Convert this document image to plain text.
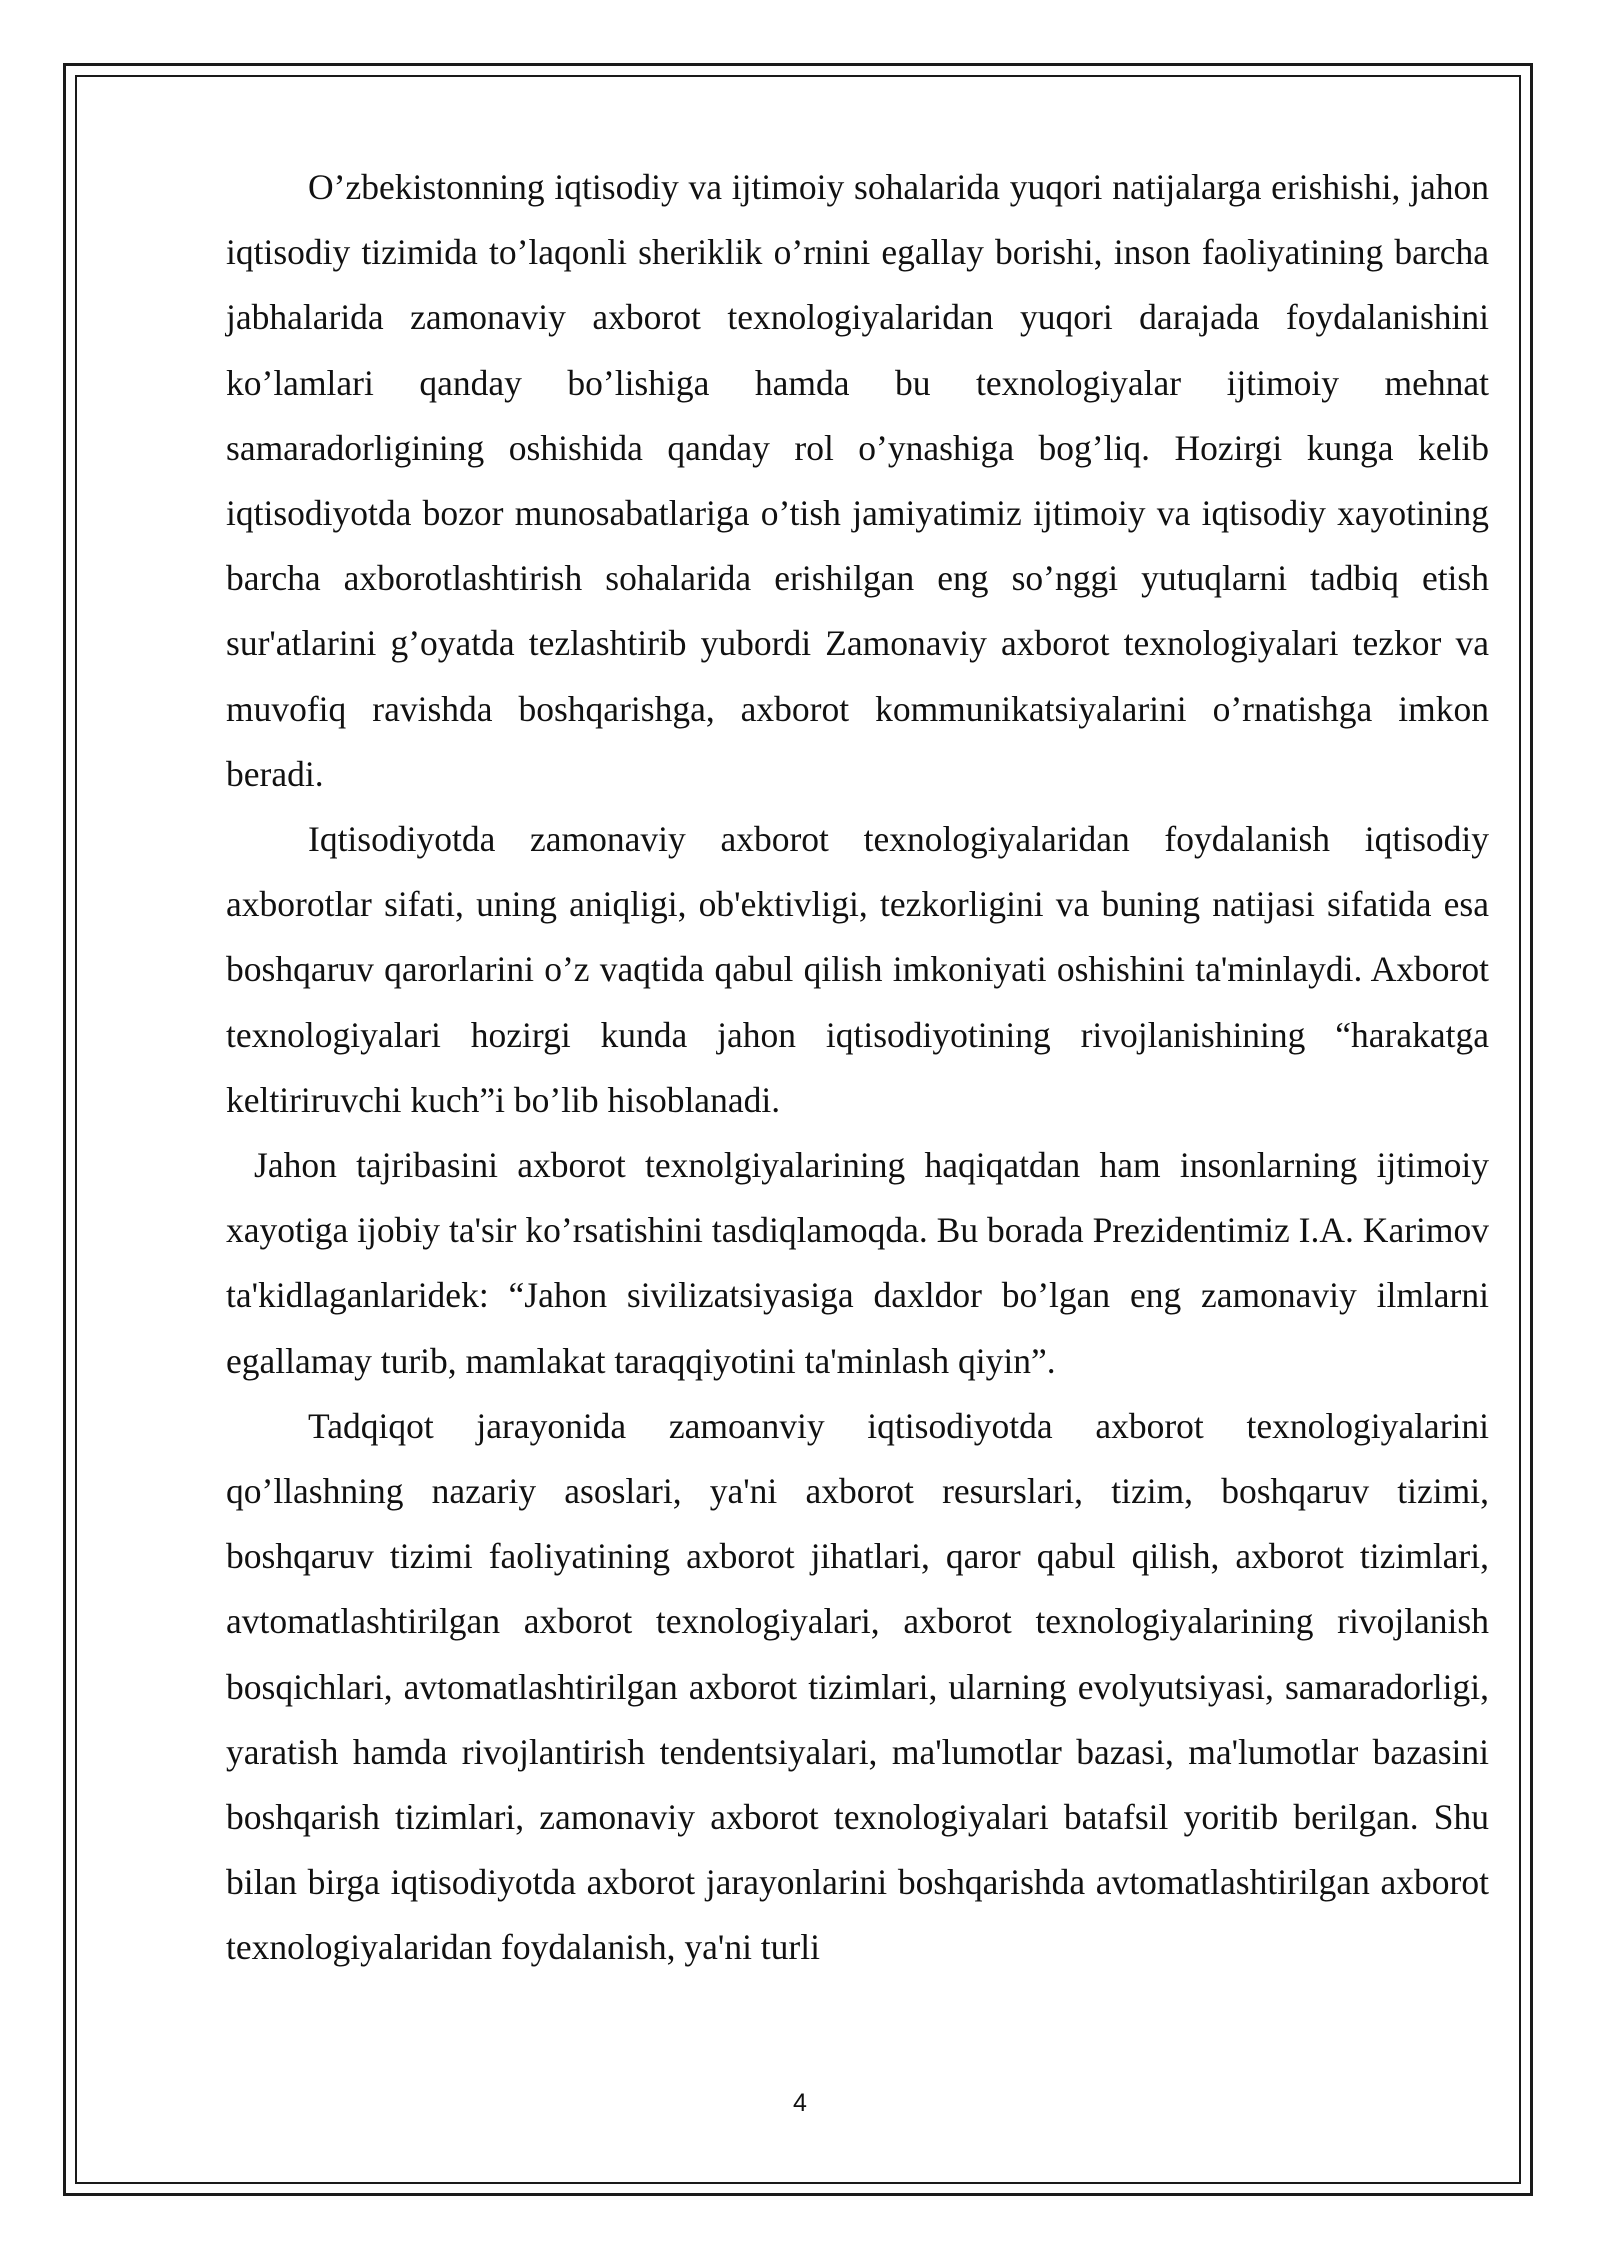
O’zbekistonning iqtisodiy va ijtimoiy sohalarida yuqori natijalarga erishishi, jahon iqtisodiy tizimida to’laqonli sheriklik o’rnini egallay borishi, inson faoliyatining barcha jabhalarida zamonaviy axborot texnologiyalaridan yuqori darajada foydalanishini ko’lamlari qanday bo’lishiga hamda bu texnologiyalar ijtimoiy mehnat samaradorligining oshishida qanday rol o’ynashiga bog’liq. Hozirgi kunga kelib iqtisodiyotda bozor munosabatlariga o’tish jamiyatimiz ijtimoiy va iqtisodiy xayotining barcha axborotlashtirish sohalarida erishilgan eng so’nggi yutuqlarni tadbiq etish sur'atlarini g’oyatda tezlashtirib yubordi Zamonaviy axborot texnologiyalari tezkor va muvofiq ravishda boshqarishga, axborot kommunikatsiyalarini o’rnatishga imkon beradi.

Iqtisodiyotda zamonaviy axborot texnologiyalaridan foydalanish iqtisodiy axborotlar sifati, uning aniqligi, ob'ektivligi, tezkorligini va buning natijasi sifatida esa boshqaruv qarorlarini o’z vaqtida qabul qilish imkoniyati oshishini ta'minlaydi. Axborot texnologiyalari hozirgi kunda jahon iqtisodiyotining rivojlanishining “harakatga keltiriruvchi kuch”i bo’lib hisoblanadi.

Jahon tajribasini axborot texnolgiyalarining haqiqatdan ham insonlarning ijtimoiy xayotiga ijobiy ta'sir ko’rsatishini tasdiqlamoqda. Bu borada Prezidentimiz I.A. Karimov ta'kidlaganlaridek: “Jahon sivilizatsiyasiga daxldor bo’lgan eng zamonaviy ilmlarni egallamay turib, mamlakat taraqqiyotini ta'minlash qiyin”.

Tadqiqot jarayonida zamoanviy iqtisodiyotda axborot texnologiyalarini qo’llashning nazariy asoslari, ya'ni axborot resurslari, tizim, boshqaruv tizimi, boshqaruv tizimi faoliyatining axborot jihatlari, qaror qabul qilish, axborot tizimlari, avtomatlashtirilgan axborot texnologiyalari, axborot texnologiyalarining rivojlanish bosqichlari, avtomatlashtirilgan axborot tizimlari, ularning evolyutsiyasi, samaradorligi, yaratish hamda rivojlantirish tendentsiyalari, ma'lumotlar bazasi, ma'lumotlar bazasini boshqarish tizimlari, zamonaviy axborot texnologiyalari batafsil yoritib berilgan. Shu bilan birga iqtisodiyotda axborot jarayonlarini boshqarishda avtomatlashtirilgan axborot texnologiyalaridan foydalanish, ya'ni turli

4
